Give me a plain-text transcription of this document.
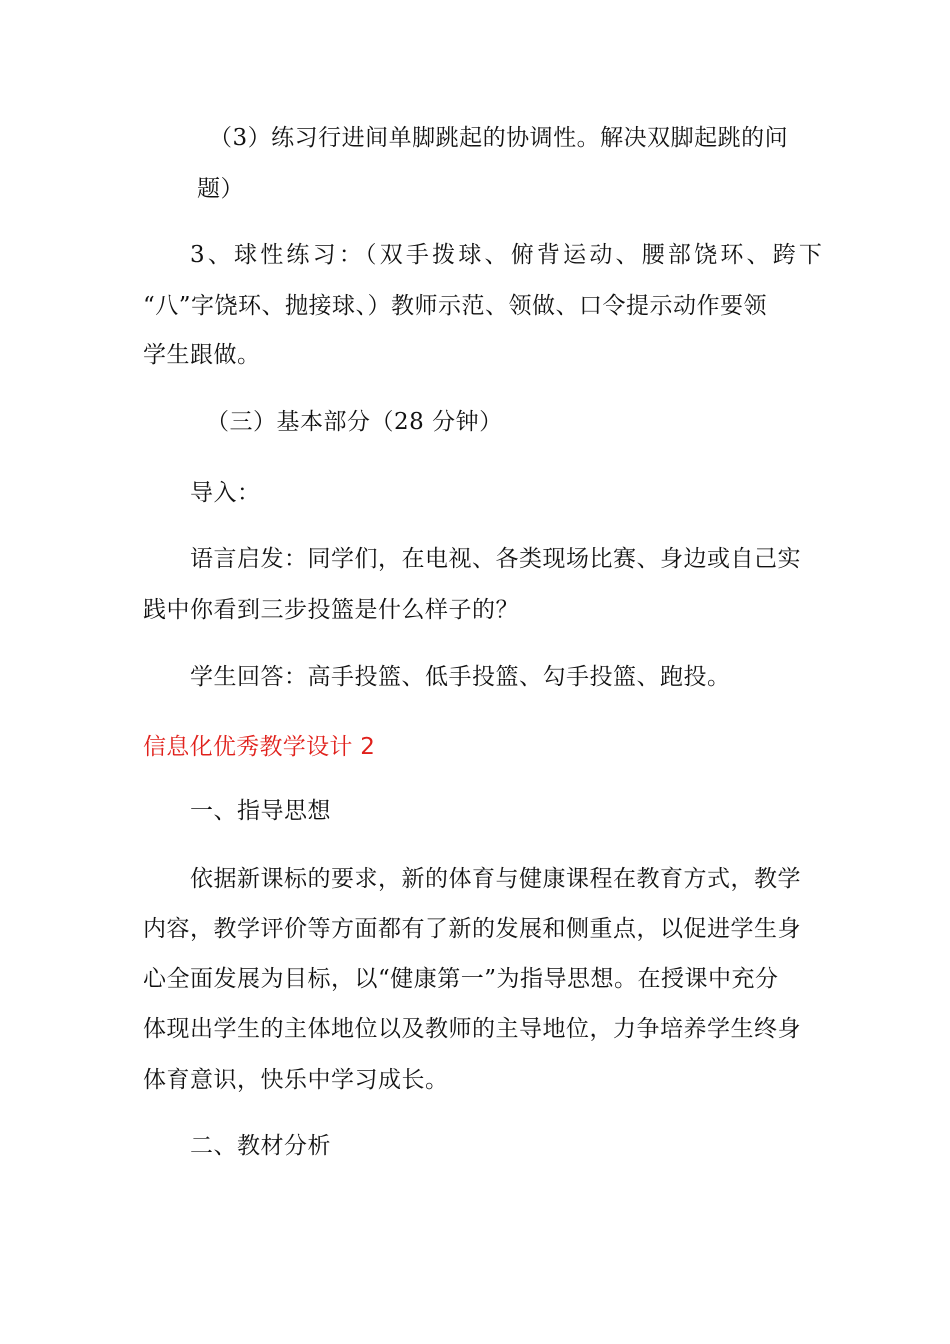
（3）练习行进间单脚跳起的协调性。解决双脚起跳的问
题）
3、球性练习：（双手拨球、俯背运动、腰部饶环、跨下
“八”字饶环、抛接球、）教师示范、领做、口令提示动作要领
学生跟做。
（三）基本部分（28 分钟）
导入：
语言启发：同学们，在电视、各类现场比赛、身边或自己实
践中你看到三步投篮是什么样子的？
学生回答：高手投篮、低手投篮、勾手投篮、跑投。
信息化优秀教学设计 2
一、指导思想
依据新课标的要求，新的体育与健康课程在教育方式，教学
内容，教学评价等方面都有了新的发展和侧重点，以促进学生身
心全面发展为目标，以“健康第一”为指导思想。在授课中充分
体现出学生的主体地位以及教师的主导地位，力争培养学生终身
体育意识，快乐中学习成长。
二、教材分析
